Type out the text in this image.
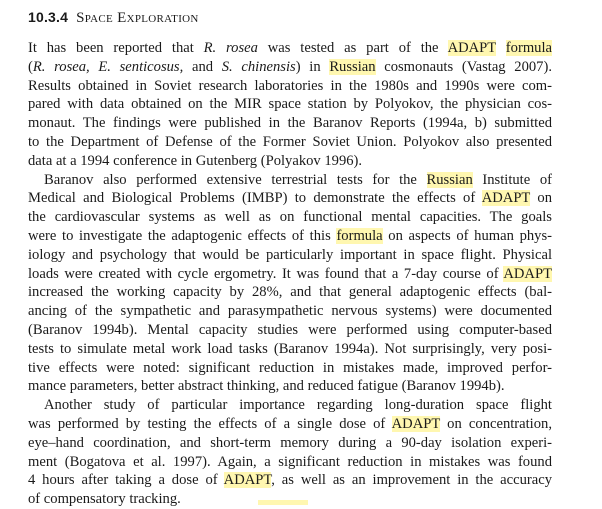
10.3.4 Space Exploration
It has been reported that R. rosea was tested as part of the ADAPT formula
(R. rosea, E. senticosus, and S. chinensis) in Russian cosmonauts (Vastag 2007).
Results obtained in Soviet research laboratories in the 1980s and 1990s were com-
pared with data obtained on the MIR space station by Polyokov, the physician cos-
monaut. The findings were published in the Baranov Reports (1994a, b) submitted
to the Department of Defense of the Former Soviet Union. Polyokov also presented
data at a 1994 conference in Gutenberg (Polyakov 1996).
Baranov also performed extensive terrestrial tests for the Russian Institute of
Medical and Biological Problems (IMBP) to demonstrate the effects of ADAPT on
the cardiovascular systems as well as on functional mental capacities. The goals
were to investigate the adaptogenic effects of this formula on aspects of human phys-
iology and psychology that would be particularly important in space flight. Physical
loads were created with cycle ergometry. It was found that a 7-day course of ADAPT
increased the working capacity by 28%, and that general adaptogenic effects (bal-
ancing of the sympathetic and parasympathetic nervous systems) were documented
(Baranov 1994b). Mental capacity studies were performed using computer-based
tests to simulate metal work load tasks (Baranov 1994a). Not surprisingly, very posi-
tive effects were noted: significant reduction in mistakes made, improved perfor-
mance parameters, better abstract thinking, and reduced fatigue (Baranov 1994b).
Another study of particular importance regarding long-duration space flight
was performed by testing the effects of a single dose of ADAPT on concentration,
eye–hand coordination, and short-term memory during a 90-day isolation experi-
ment (Bogatova et al. 1997). Again, a significant reduction in mistakes was found
4 hours after taking a dose of ADAPT, as well as an improvement in the accuracy
of compensatory tracking.
